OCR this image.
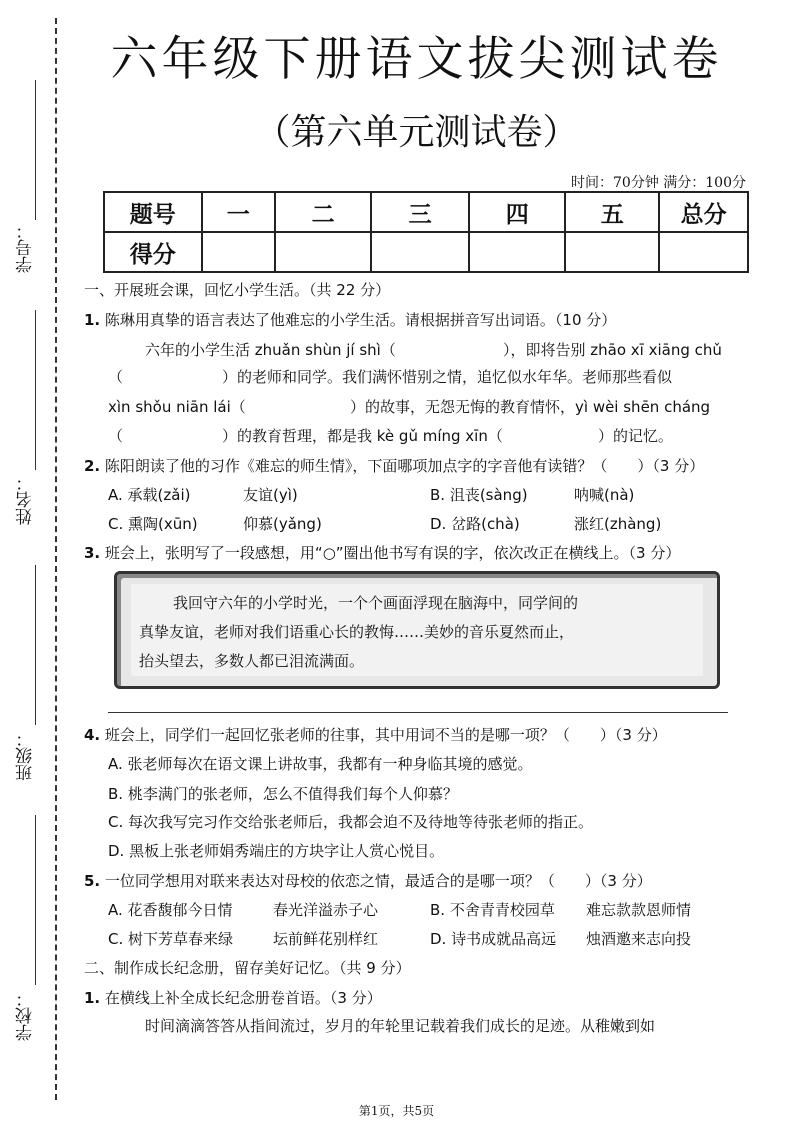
学号：
姓名：
班级：
学校：
六年级下册语文拔尖测试卷
（第六单元测试卷）
时间：70分钟 满分：100分
题号	一	二	三	四	五	总分
得分						
一、开展班会课，回忆小学生活。（共 22 分）
1. 陈琳用真挚的语言表达了他难忘的小学生活。请根据拼音写出词语。（10 分）
六年的小学生活 zhuǎn shùn jí shì（	），即将告别 zhāo xī xiāng chǔ
（	）的老师和同学。我们满怀惜别之情，追忆似水年华。老师那些看似
xìn shǒu niān lái（	）的故事，无怨无悔的教育情怀，yì wèi shēn cháng
（	）的教育哲理，都是我 kè gǔ míng xīn（	）的记忆。
2. 陈阳朗读了他的习作《难忘的师生情》，下面哪项加点字的字音他有读错？（　　）（3 分）
A. 承载(zǎi)	友谊(yì)	B. 沮丧(sàng)	呐喊(nà)
C. 熏陶(xūn)	仰慕(yǎng)	D. 岔路(chà)	涨红(zhàng)
3. 班会上，张明写了一段感想，用“○”圈出他书写有误的字，依次改正在横线上。（3 分）
我回守六年的小学时光，一个个画面浮现在脑海中，同学间的
真挚友谊，老师对我们语重心长的教悔……美妙的音乐夏然而止，
抬头望去，多数人都已泪流满面。
4. 班会上，同学们一起回忆张老师的往事，其中用词不当的是哪一项？（　　）（3 分）
A. 张老师每次在语文课上讲故事，我都有一种身临其境的感觉。
B. 桃李满门的张老师，怎么不值得我们每个人仰慕？
C. 每次我写完习作交给张老师后，我都会迫不及待地等待张老师的指正。
D. 黑板上张老师娟秀端庄的方块字让人赏心悦目。
5. 一位同学想用对联来表达对母校的依恋之情，最适合的是哪一项？（　　）（3 分）
A. 花香馥郁今日情	春光洋溢赤子心	B. 不舍青青校园草 难忘款款恩师情
C. 树下芳草春来绿	坛前鲜花别样红	D. 诗书成就品高远 烛酒邀来志向投
二、制作成长纪念册，留存美好记忆。（共 9 分）
1. 在横线上补全成长纪念册卷首语。（3 分）
时间滴滴答答从指间流过，岁月的年轮里记载着我们成长的足迹。从稚嫩到如
第1页，共5页
